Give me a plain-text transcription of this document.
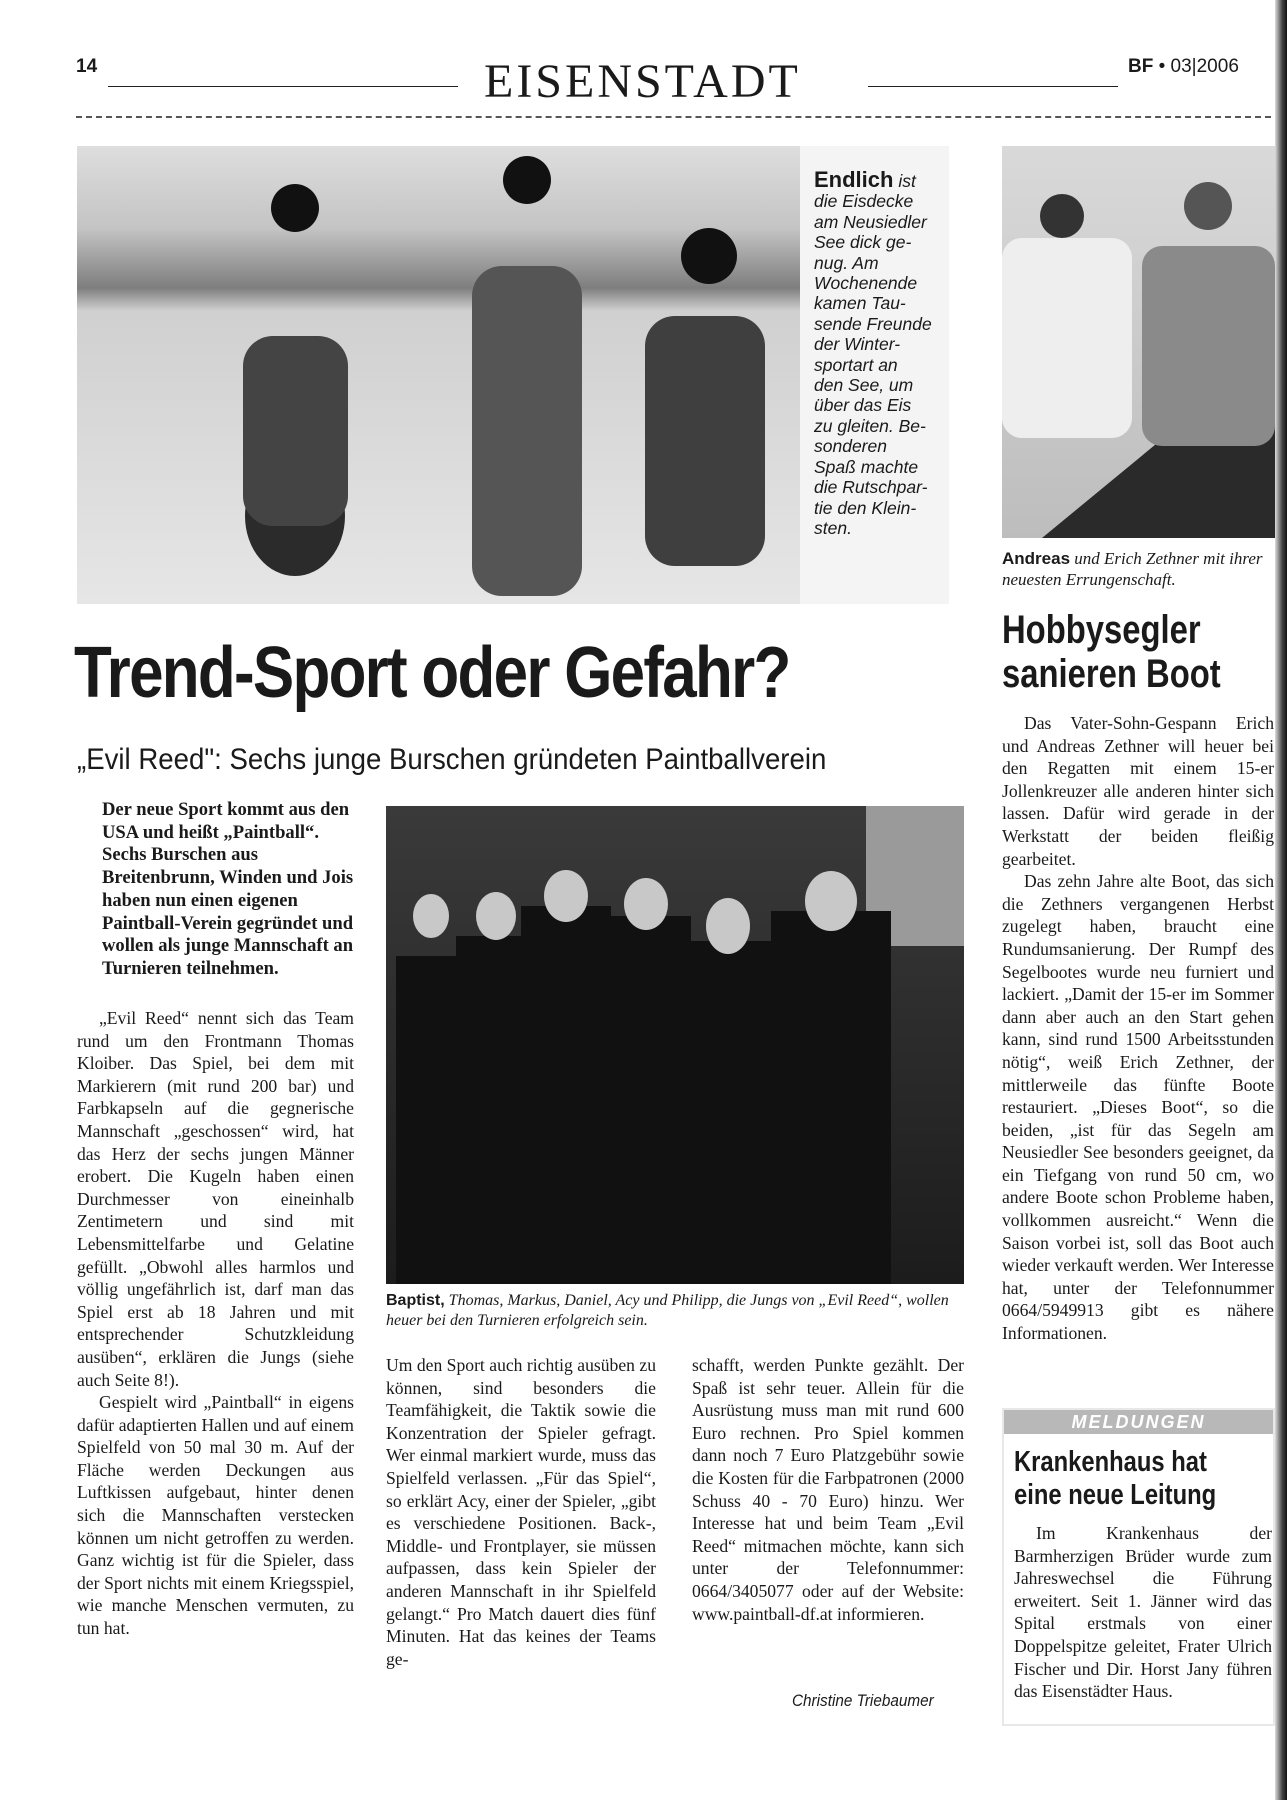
14	EISENSTADT	BF • 03|2006
Endlich ist
die Eisdecke
am Neusiedler
See dick ge-
nug. Am
Wochenende
kamen Tau-
sende Freunde
der Winter-
sportart an
den See, um
über das Eis
zu gleiten. Be-
sonderen
Spaß machte
die Rutschpar-
tie den Klein-
sten.
Trend-Sport oder Gefahr?
„Evil Reed": Sechs junge Burschen gründeten Paintballverein
Der neue Sport kommt aus den USA und heißt „Paintball“. Sechs Burschen aus Breitenbrunn, Winden und Jois haben nun einen eigenen Paintball-Verein gegründet und wollen als junge Mannschaft an Turnieren teilnehmen.

„Evil Reed“ nennt sich das Team rund um den Frontmann Thomas Kloiber. Das Spiel, bei dem mit Markierern (mit rund 200 bar) und Farbkapseln auf die gegnerische Mannschaft „geschossen“ wird, hat das Herz der sechs jungen Männer erobert. Die Kugeln haben einen Durchmesser von eineinhalb Zentimetern und sind mit Lebensmittelfarbe und Gelatine gefüllt. „Obwohl alles harmlos und völlig ungefährlich ist, darf man das Spiel erst ab 18 Jahren und mit entsprechender Schutzkleidung ausüben“, erklären die Jungs (siehe auch Seite 8!).

Gespielt wird „Paintball“ in eigens dafür adaptierten Hallen und auf einem Spielfeld von 50 mal 30 m. Auf der Fläche werden Deckungen aus Luftkissen aufgebaut, hinter denen sich die Mannschaften verstecken können um nicht getroffen zu werden. Ganz wichtig ist für die Spieler, dass der Sport nichts mit einem Kriegsspiel, wie manche Menschen vermuten, zu tun hat.

Baptist, Thomas, Markus, Daniel, Acy und Philipp, die Jungs von „Evil Reed“, wollen heuer bei den Turnieren erfolgreich sein.

Um den Sport auch richtig ausüben zu können, sind besonders die Teamfähigkeit, die Taktik sowie die Konzentration der Spieler gefragt. Wer einmal markiert wurde, muss das Spielfeld verlassen. „Für das Spiel“, so erklärt Acy, einer der Spieler, „gibt es verschiedene Positionen. Back-, Middle- und Frontplayer, sie müssen aufpassen, dass kein Spieler der anderen Mannschaft in ihr Spielfeld gelangt.“ Pro Match dauert dies fünf Minuten. Hat das keines der Teams ge-

schafft, werden Punkte gezählt. Der Spaß ist sehr teuer. Allein für die Ausrüstung muss man mit rund 600 Euro rechnen. Pro Spiel kommen dann noch 7 Euro Platzgebühr sowie die Kosten für die Farbpatronen (2000 Schuss 40 - 70 Euro) hinzu. Wer Interesse hat und beim Team „Evil Reed“ mitmachen möchte, kann sich unter der Telefonnummer: 0664/3405077 oder auf der Website: www.paintball-df.at informieren.

Christine Triebaumer
Andreas und Erich Zethner mit ihrer neuesten Errungenschaft.
Hobbysegler
sanieren Boot

Das Vater-Sohn-Gespann Erich und Andreas Zethner will heuer bei den Regatten mit einem 15-er Jollenkreuzer alle anderen hinter sich lassen. Dafür wird gerade in der Werkstatt der beiden fleißig gearbeitet.

Das zehn Jahre alte Boot, das sich die Zethners vergangenen Herbst zugelegt haben, braucht eine Rundumsanierung. Der Rumpf des Segelbootes wurde neu furniert und lackiert. „Damit der 15-er im Sommer dann aber auch an den Start gehen kann, sind rund 1500 Arbeitsstunden nötig“, weiß Erich Zethner, der mittlerweile das fünfte Boote restauriert. „Dieses Boot“, so die beiden, „ist für das Segeln am Neusiedler See besonders geeignet, da ein Tiefgang von rund 50 cm, wo andere Boote schon Probleme haben, vollkommen ausreicht.“ Wenn die Saison vorbei ist, soll das Boot auch wieder verkauft werden. Wer Interesse hat, unter der Telefonnummer 0664/5949913 gibt es nähere Informationen.

MELDUNGEN
Krankenhaus hat
eine neue Leitung

Im Krankenhaus der Barmherzigen Brüder wurde zum Jahreswechsel die Führung erweitert. Seit 1. Jänner wird das Spital erstmals von einer Doppelspitze geleitet, Frater Ulrich Fischer und Dir. Horst Jany führen das Eisenstädter Haus.
